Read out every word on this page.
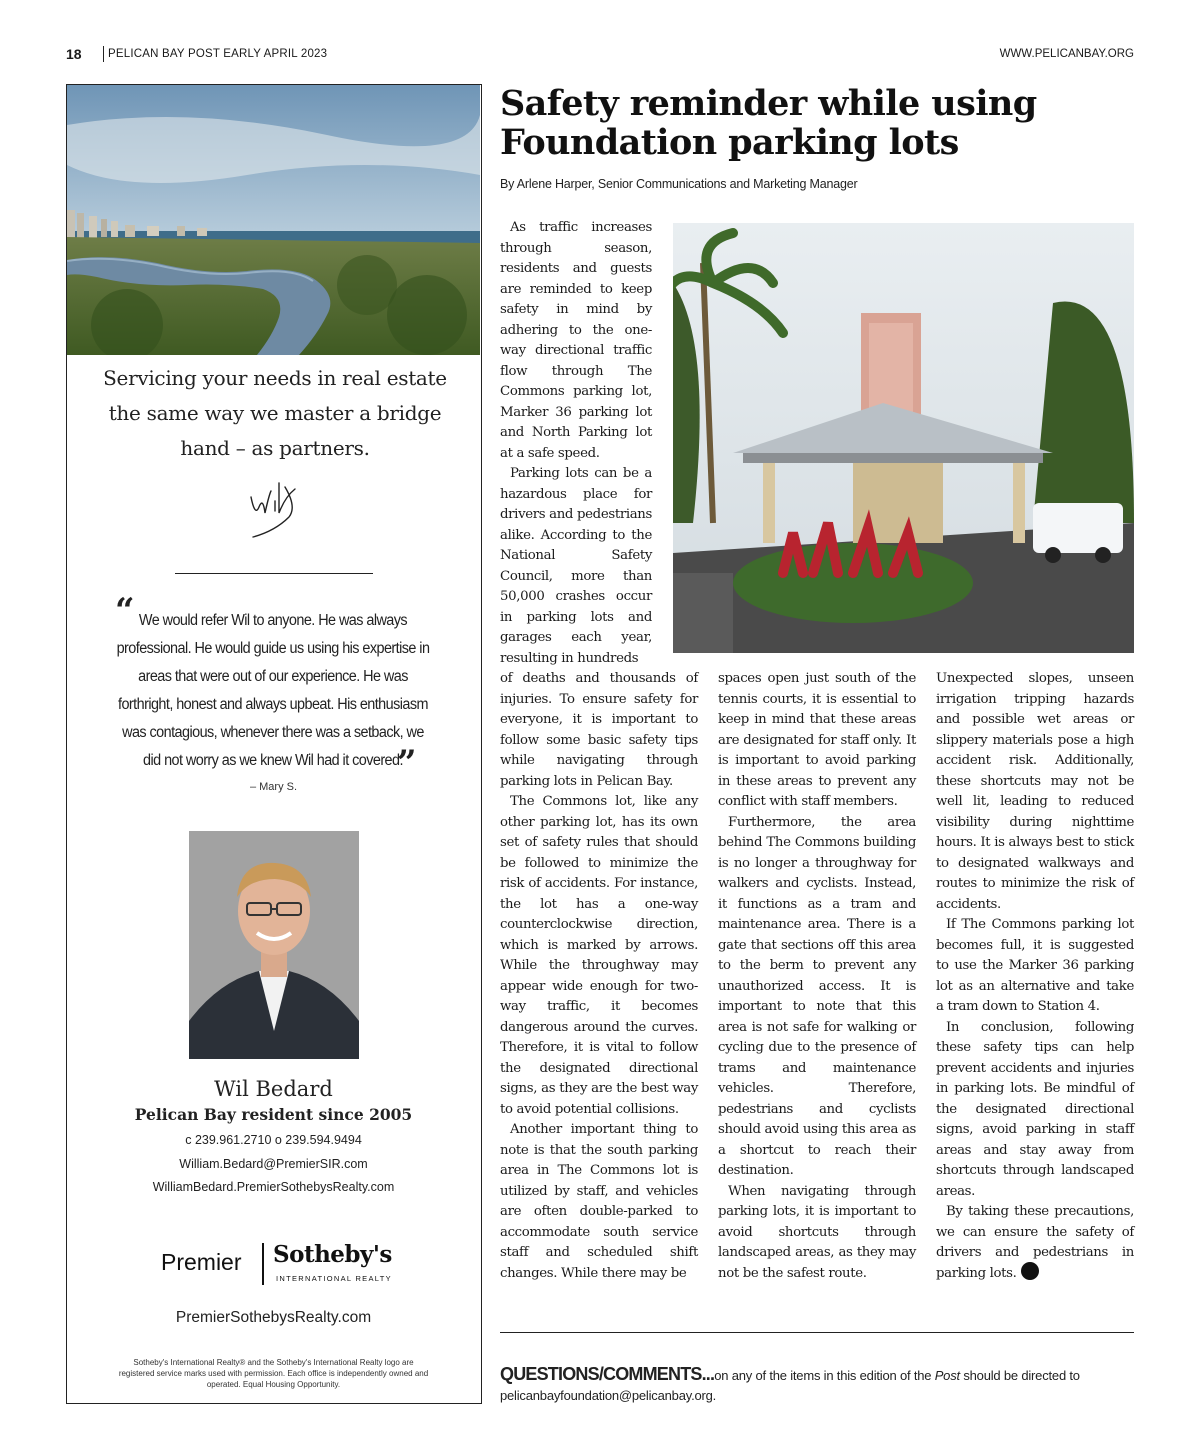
18	PELICAN BAY POST EARLY APRIL 2023	WWW.PELICANBAY.ORG
Servicing your needs in real estate the same way we master a bridge hand – as partners.
“ We would refer Wil to anyone. He was always professional. He would guide us using his expertise in areas that were out of our experience. He was forthright, honest and always upbeat. His enthusiasm was contagious, whenever there was a setback, we did not worry as we knew Wil had it covered.
”
– Mary S.
Wil Bedard
Pelican Bay resident since 2005
c 239.961.2710 o 239.594.9494
William.Bedard@PremierSIR.com
WilliamBedard.PremierSothebysRealty.com
Premier Sotheby's
INTERNATIONAL REALTY
PremierSothebysRealty.com
Sotheby's International Realty® and the Sotheby's International Realty logo are registered service marks used with permission. Each office is independently owned and operated. Equal Housing Opportunity.
Safety reminder while using Foundation parking lots
By Arlene Harper, Senior Communications and Marketing Manager

As traffic increases through season, residents and guests are reminded to keep safety in mind by adhering to the one-way directional traffic flow through The Commons parking lot, Marker 36 parking lot and North Parking lot at a safe speed.

Parking lots can be a hazardous place for drivers and pedestrians alike. According to the National Safety Council, more than 50,000 crashes occur in parking lots and garages each year, resulting in hundreds

of deaths and thousands of injuries. To ensure safety for everyone, it is important to follow some basic safety tips while navigating through parking lots in Pelican Bay.

The Commons lot, like any other parking lot, has its own set of safety rules that should be followed to minimize the risk of accidents. For instance, the lot has a one-way counterclockwise direction, which is marked by arrows. While the throughway may appear wide enough for two-way traffic, it becomes dangerous around the curves. Therefore, it is vital to follow the designated directional signs, as they are the best way to avoid potential collisions.

Another important thing to note is that the south parking area in The Commons lot is utilized by staff, and vehicles are often double-parked to accommodate south service staff and scheduled shift changes. While there may be

spaces open just south of the tennis courts, it is essential to keep in mind that these areas are designated for staff only. It is important to avoid parking in these areas to prevent any conflict with staff members.

Furthermore, the area behind The Commons building is no longer a throughway for walkers and cyclists. Instead, it functions as a tram and maintenance area. There is a gate that sections off this area to the berm to prevent any unauthorized access. It is important to note that this area is not safe for walking or cycling due to the presence of trams and maintenance vehicles. Therefore, pedestrians and cyclists should avoid using this area as a shortcut to reach their destination.

When navigating through parking lots, it is important to avoid shortcuts through landscaped areas, as they may not be the safest route.

Unexpected slopes, unseen irrigation tripping hazards and possible wet areas or slippery materials pose a high accident risk. Additionally, these shortcuts may not be well lit, leading to reduced visibility during nighttime hours. It is always best to stick to designated walkways and routes to minimize the risk of accidents.

If The Commons parking lot becomes full, it is suggested to use the Marker 36 parking lot as an alternative and take a tram down to Station 4.

In conclusion, following these safety tips can help prevent accidents and injuries in parking lots. Be mindful of the designated directional signs, avoid parking in staff areas and stay away from shortcuts through landscaped areas.

By taking these precautions, we can ensure the safety of drivers and pedestrians in parking lots.

QUESTIONS/COMMENTS...on any of the items in this edition of the Post should be directed to pelicanbayfoundation@pelicanbay.org.
